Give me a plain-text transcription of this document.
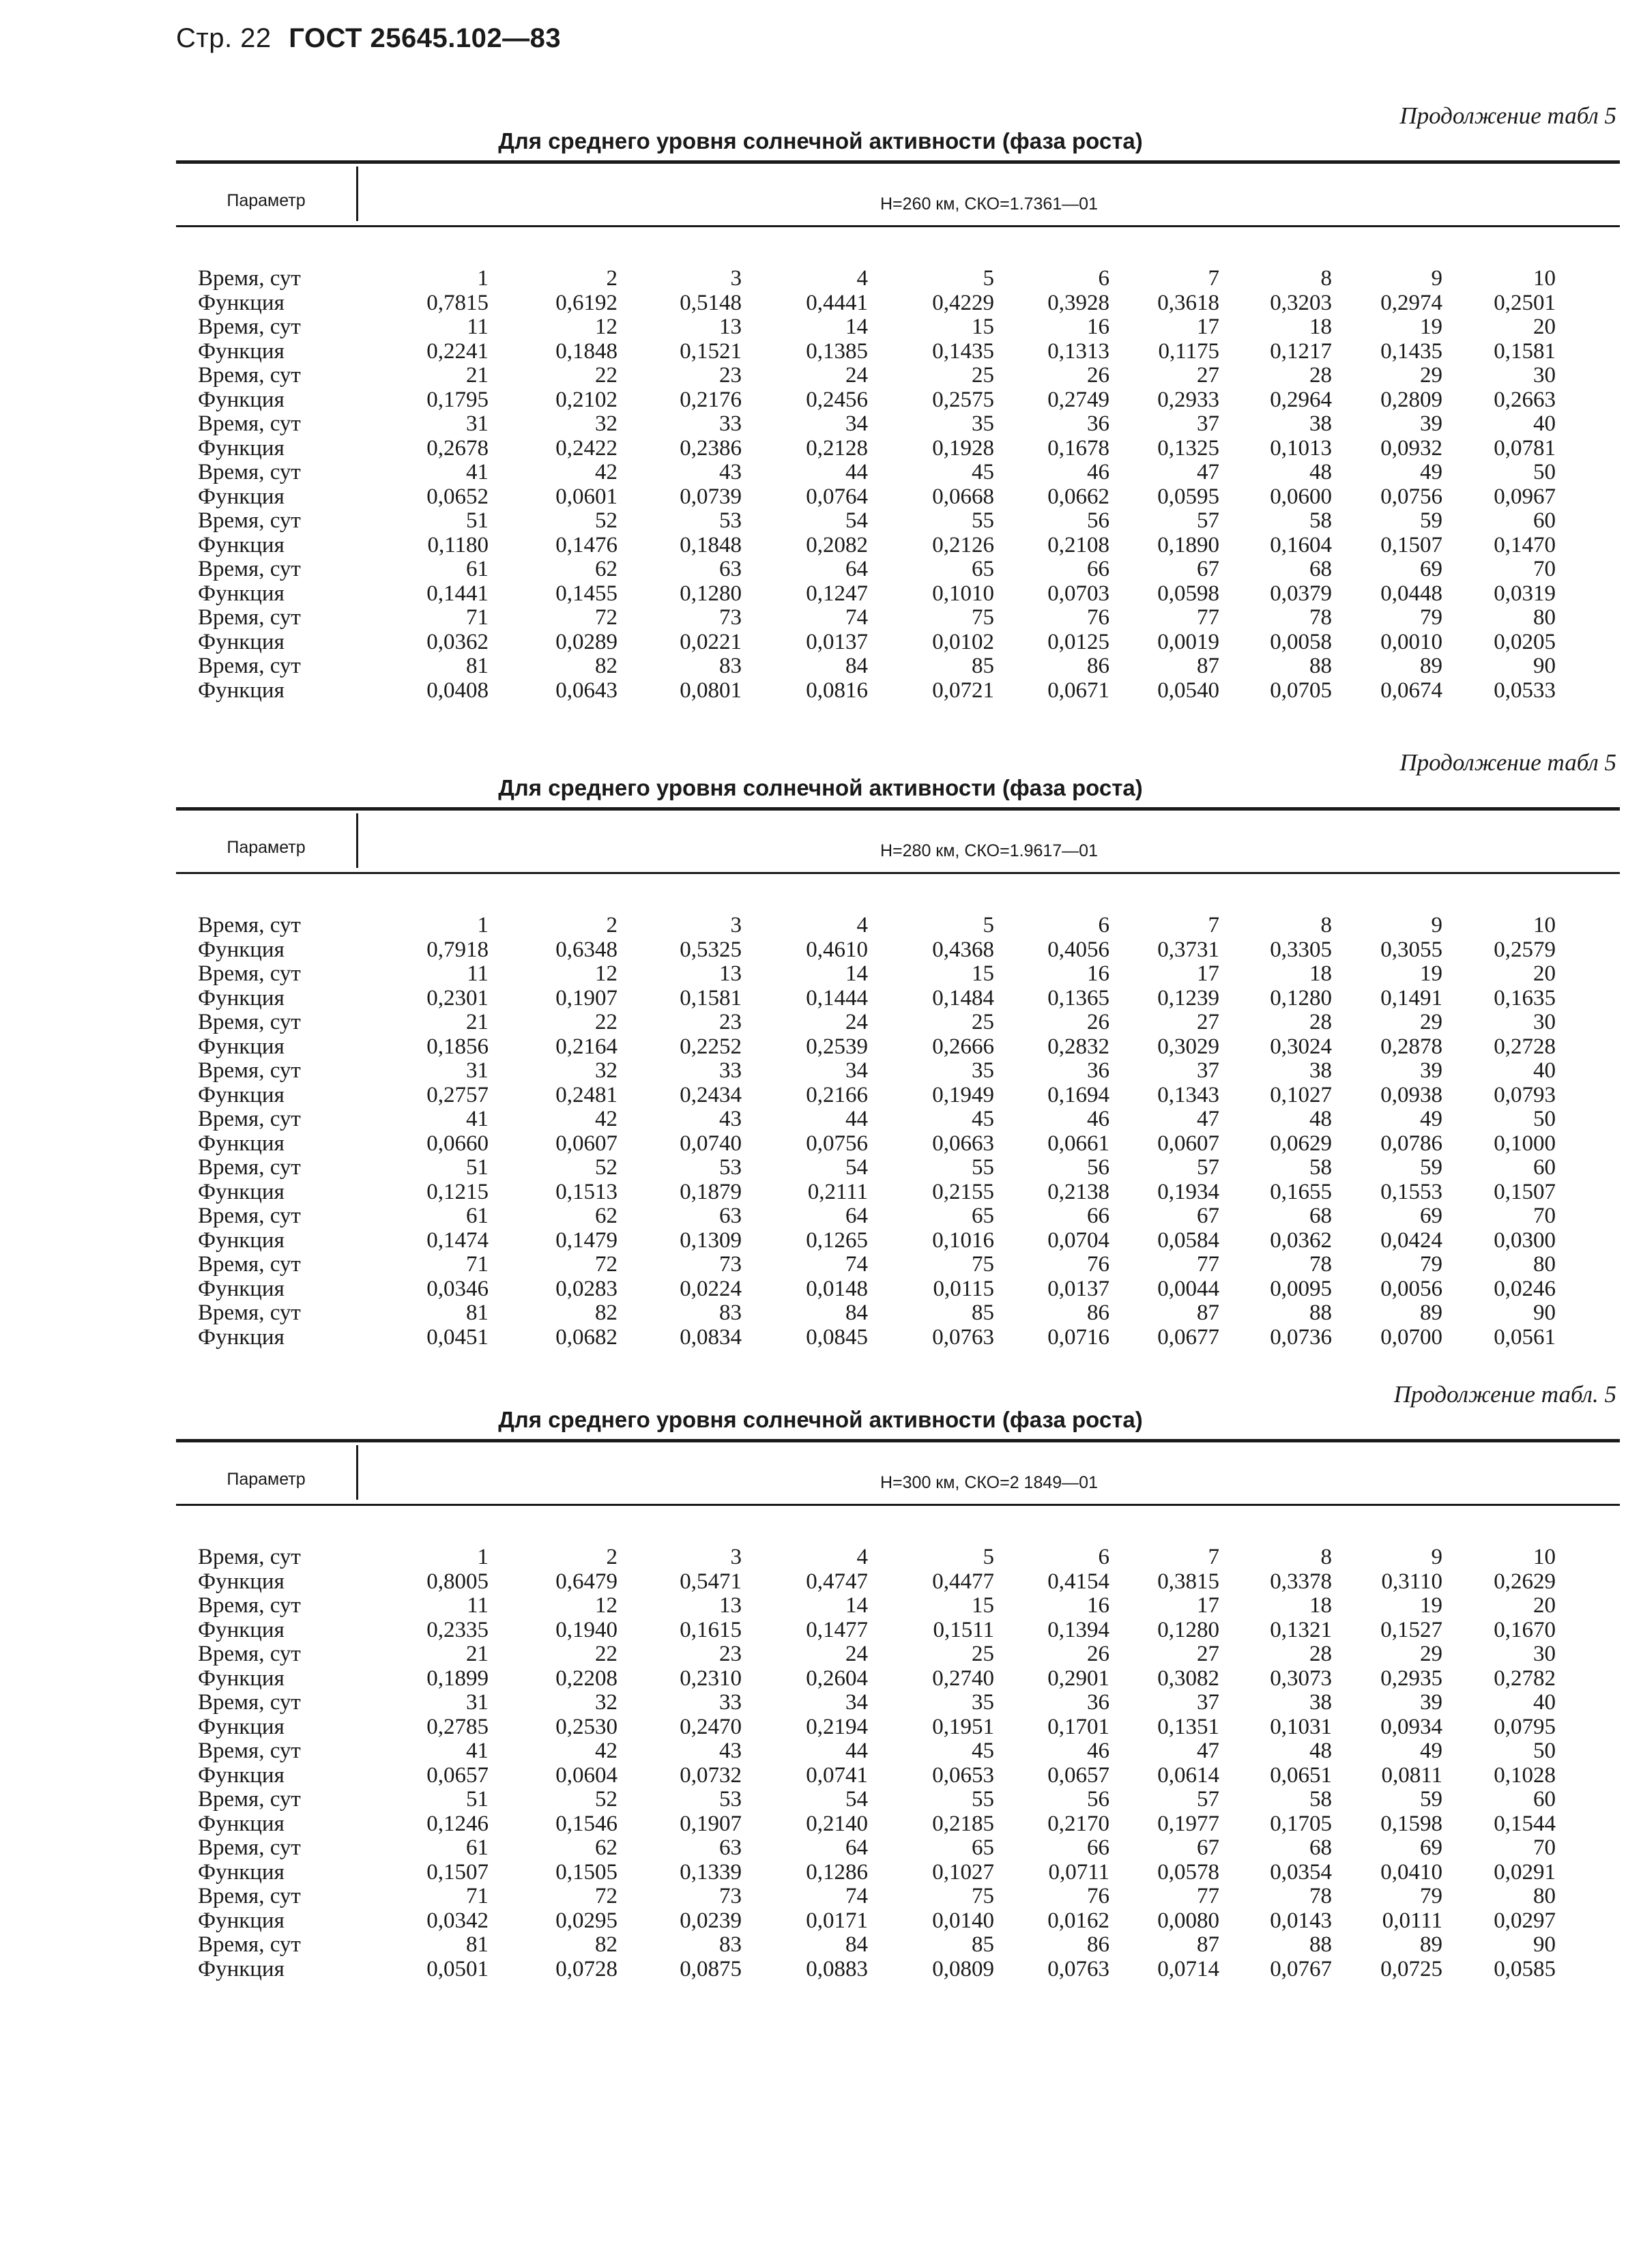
Стр. 22 ГОСТ 25645.102—83
Продолжение табл 5
Для среднего уровня солнечной активности (фаза роста)
Параметр	H=260 км, СКО=1.7361—01
Время, сут	1	2	3	4	5	6	7	8	9	10
Функция	0,7815	0,6192	0,5148	0,4441	0,4229	0,3928	0,3618	0,3203	0,2974	0,2501
Время, сут	11	12	13	14	15	16	17	18	19	20
Функция	0,2241	0,1848	0,1521	0,1385	0,1435	0,1313	0,1175	0,1217	0,1435	0,1581
Время, сут	21	22	23	24	25	26	27	28	29	30
Функция	0,1795	0,2102	0,2176	0,2456	0,2575	0,2749	0,2933	0,2964	0,2809	0,2663
Время, сут	31	32	33	34	35	36	37	38	39	40
Функция	0,2678	0,2422	0,2386	0,2128	0,1928	0,1678	0,1325	0,1013	0,0932	0,0781
Время, сут	41	42	43	44	45	46	47	48	49	50
Функция	0,0652	0,0601	0,0739	0,0764	0,0668	0,0662	0,0595	0,0600	0,0756	0,0967
Время, сут	51	52	53	54	55	56	57	58	59	60
Функция	0,1180	0,1476	0,1848	0,2082	0,2126	0,2108	0,1890	0,1604	0,1507	0,1470
Время, сут	61	62	63	64	65	66	67	68	69	70
Функция	0,1441	0,1455	0,1280	0,1247	0,1010	0,0703	0,0598	0,0379	0,0448	0,0319
Время, сут	71	72	73	74	75	76	77	78	79	80
Функция	0,0362	0,0289	0,0221	0,0137	0,0102	0,0125	0,0019	0,0058	0,0010	0,0205
Время, сут	81	82	83	84	85	86	87	88	89	90
Функция	0,0408	0,0643	0,0801	0,0816	0,0721	0,0671	0,0540	0,0705	0,0674	0,0533
Продолжение табл 5
Для среднего уровня солнечной активности (фаза роста)
Параметр	H=280 км, СКО=1.9617—01
Время, сут	1	2	3	4	5	6	7	8	9	10
Функция	0,7918	0,6348	0,5325	0,4610	0,4368	0,4056	0,3731	0,3305	0,3055	0,2579
Время, сут	11	12	13	14	15	16	17	18	19	20
Функция	0,2301	0,1907	0,1581	0,1444	0,1484	0,1365	0,1239	0,1280	0,1491	0,1635
Время, сут	21	22	23	24	25	26	27	28	29	30
Функция	0,1856	0,2164	0,2252	0,2539	0,2666	0,2832	0,3029	0,3024	0,2878	0,2728
Время, сут	31	32	33	34	35	36	37	38	39	40
Функция	0,2757	0,2481	0,2434	0,2166	0,1949	0,1694	0,1343	0,1027	0,0938	0,0793
Время, сут	41	42	43	44	45	46	47	48	49	50
Функция	0,0660	0,0607	0,0740	0,0756	0,0663	0,0661	0,0607	0,0629	0,0786	0,1000
Время, сут	51	52	53	54	55	56	57	58	59	60
Функция	0,1215	0,1513	0,1879	0,2111	0,2155	0,2138	0,1934	0,1655	0,1553	0,1507
Время, сут	61	62	63	64	65	66	67	68	69	70
Функция	0,1474	0,1479	0,1309	0,1265	0,1016	0,0704	0,0584	0,0362	0,0424	0,0300
Время, сут	71	72	73	74	75	76	77	78	79	80
Функция	0,0346	0,0283	0,0224	0,0148	0,0115	0,0137	0,0044	0,0095	0,0056	0,0246
Время, сут	81	82	83	84	85	86	87	88	89	90
Функция	0,0451	0,0682	0,0834	0,0845	0,0763	0,0716	0,0677	0,0736	0,0700	0,0561
Продолжение табл. 5
Для среднего уровня солнечной активности (фаза роста)
Параметр	H=300 км, СКО=2 1849—01
Время, сут	1	2	3	4	5	6	7	8	9	10
Функция	0,8005	0,6479	0,5471	0,4747	0,4477	0,4154	0,3815	0,3378	0,3110	0,2629
Время, сут	11	12	13	14	15	16	17	18	19	20
Функция	0,2335	0,1940	0,1615	0,1477	0,1511	0,1394	0,1280	0,1321	0,1527	0,1670
Время, сут	21	22	23	24	25	26	27	28	29	30
Функция	0,1899	0,2208	0,2310	0,2604	0,2740	0,2901	0,3082	0,3073	0,2935	0,2782
Время, сут	31	32	33	34	35	36	37	38	39	40
Функция	0,2785	0,2530	0,2470	0,2194	0,1951	0,1701	0,1351	0,1031	0,0934	0,0795
Время, сут	41	42	43	44	45	46	47	48	49	50
Функция	0,0657	0,0604	0,0732	0,0741	0,0653	0,0657	0,0614	0,0651	0,0811	0,1028
Время, сут	51	52	53	54	55	56	57	58	59	60
Функция	0,1246	0,1546	0,1907	0,2140	0,2185	0,2170	0,1977	0,1705	0,1598	0,1544
Время, сут	61	62	63	64	65	66	67	68	69	70
Функция	0,1507	0,1505	0,1339	0,1286	0,1027	0,0711	0,0578	0,0354	0,0410	0,0291
Время, сут	71	72	73	74	75	76	77	78	79	80
Функция	0,0342	0,0295	0,0239	0,0171	0,0140	0,0162	0,0080	0,0143	0,0111	0,0297
Время, сут	81	82	83	84	85	86	87	88	89	90
Функция	0,0501	0,0728	0,0875	0,0883	0,0809	0,0763	0,0714	0,0767	0,0725	0,0585
